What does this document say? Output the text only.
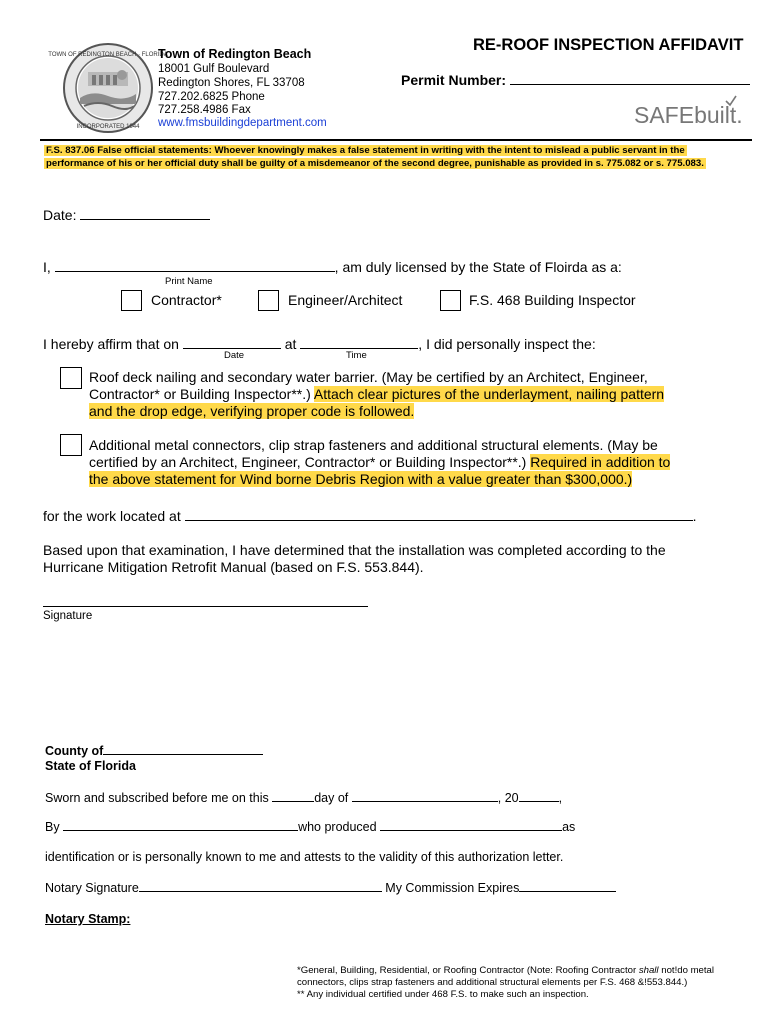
TOWN OF REDINGTON BEACH · FLORIDA
INCORPORATED 1944
Town of Redington Beach
18001 Gulf Boulevard
Redington Shores, FL 33708
727.202.6825 Phone
727.258.4986 Fax
www.fmsbuildingdepartment.com
RE-ROOF INSPECTION AFFIDAVIT
Permit Number:
SAFEbuilt.
F.S. 837.06 False official statements: Whoever knowingly makes a false statement in writing with the intent to mislead a public servant in the performance of his or her official duty shall be guilty of a misdemeanor of the second degree, punishable as provided in s. 775.082 or s. 775.083.
Date:
I,	, am duly licensed by the State of Floirda as a:
Print Name
Contractor*	Engineer/Architect	F.S. 468 Building Inspector
I hereby affirm that on	at	, I did personally inspect the:
Date	Time
Roof deck nailing and secondary water barrier. (May be certified by an Architect, Engineer, Contractor* or Building Inspector**.) Attach clear pictures of the underlayment, nailing pattern and the drop edge, verifying proper code is followed.
Additional metal connectors, clip strap fasteners and additional structural elements. (May be certified by an Architect, Engineer, Contractor* or Building Inspector**.) Required in addition to the above statement for Wind borne Debris Region with a value greater than $300,000.)
for the work located at	.
Based upon that examination, I have determined that the installation was completed according to the Hurricane Mitigation Retrofit Manual (based on F.S. 553.844).
Signature
County of
State of Florida
Sworn and subscribed before me on this	day of	, 20	,
By	who produced	as
identification or is personally known to me and attests to the validity of this authorization letter.
Notary Signature	My Commission Expires
Notary Stamp:
*General, Building, Residential, or Roofing Contractor (Note: Roofing Contractor shall not!do metal
connectors, clips strap fasteners and additional structural elements per F.S. 468 &!553.844.)
** Any individual certified under 468 F.S. to make such an inspection.
